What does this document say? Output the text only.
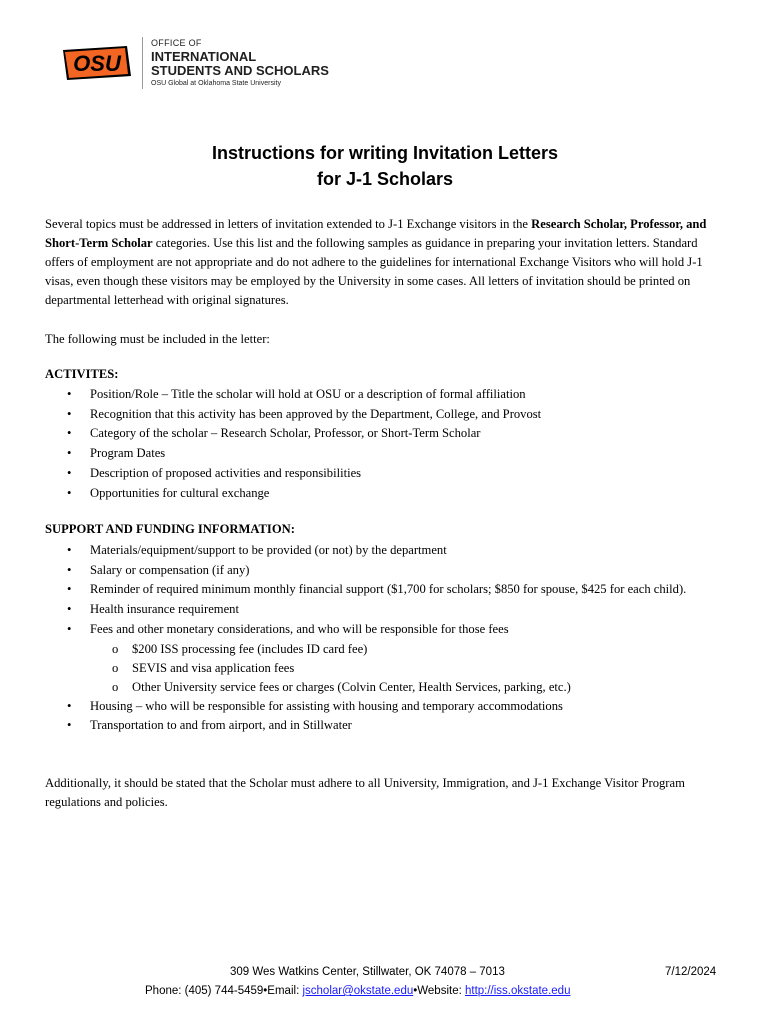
OSU
OFFICE OF
INTERNATIONAL
STUDENTS AND SCHOLARS
OSU Global at Oklahoma State University
Instructions for writing Invitation Letters
for J-1 Scholars
Several topics must be addressed in letters of invitation extended to J-1 Exchange visitors in the Research Scholar, Professor, and Short-Term Scholar categories. Use this list and the following samples as guidance in preparing your invitation letters. Standard offers of employment are not appropriate and do not adhere to the guidelines for international Exchange Visitors who will hold J-1 visas, even though these visitors may be employed by the University in some cases. All letters of invitation should be printed on departmental letterhead with original signatures.
The following must be included in the letter:
ACTIVITES:
• Position/Role – Title the scholar will hold at OSU or a description of formal affiliation
• Recognition that this activity has been approved by the Department, College, and Provost
• Category of the scholar – Research Scholar, Professor, or Short-Term Scholar
• Program Dates
• Description of proposed activities and responsibilities
• Opportunities for cultural exchange
SUPPORT AND FUNDING INFORMATION:
• Materials/equipment/support to be provided (or not) by the department
• Salary or compensation (if any)
• Reminder of required minimum monthly financial support ($1,700 for scholars; $850 for spouse, $425 for each child).
• Health insurance requirement
• Fees and other monetary considerations, and who will be responsible for those fees
o $200 ISS processing fee (includes ID card fee)
o SEVIS and visa application fees
o Other University service fees or charges (Colvin Center, Health Services, parking, etc.)
• Housing – who will be responsible for assisting with housing and temporary accommodations
• Transportation to and from airport, and in Stillwater
Additionally, it should be stated that the Scholar must adhere to all University, Immigration, and J-1 Exchange Visitor Program regulations and policies.
309 Wes Watkins Center, Stillwater, OK 74078 – 7013	7/12/2024
Phone: (405) 744-5459•Email: jscholar@okstate.edu•Website: http://iss.okstate.edu
